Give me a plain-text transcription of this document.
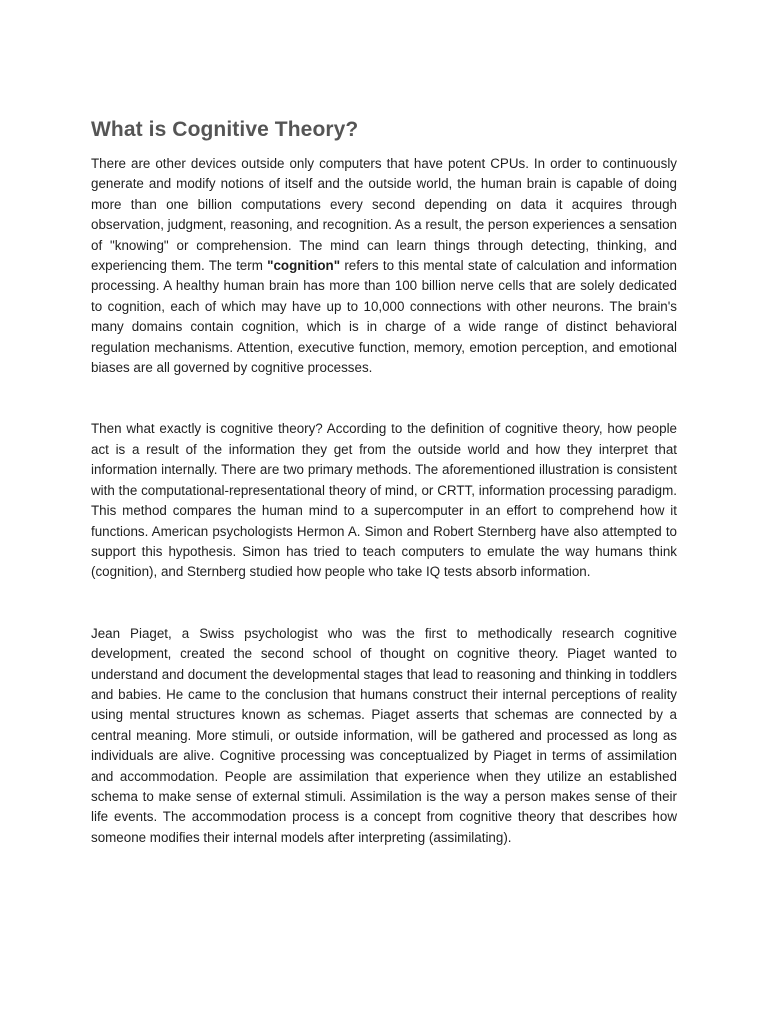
What is Cognitive Theory?

There are other devices outside only computers that have potent CPUs. In order to continuously generate and modify notions of itself and the outside world, the human brain is capable of doing more than one billion computations every second depending on data it acquires through observation, judgment, reasoning, and recognition. As a result, the person experiences a sensation of "knowing" or comprehension. The mind can learn things through detecting, thinking, and experiencing them. The term "cognition" refers to this mental state of calculation and information processing. A healthy human brain has more than 100 billion nerve cells that are solely dedicated to cognition, each of which may have up to 10,000 connections with other neurons. The brain's many domains contain cognition, which is in charge of a wide range of distinct behavioral regulation mechanisms. Attention, executive function, memory, emotion perception, and emotional biases are all governed by cognitive processes.

Then what exactly is cognitive theory? According to the definition of cognitive theory, how people act is a result of the information they get from the outside world and how they interpret that information internally. There are two primary methods. The aforementioned illustration is consistent with the computational-representational theory of mind, or CRTT, information processing paradigm. This method compares the human mind to a supercomputer in an effort to comprehend how it functions. American psychologists Hermon A. Simon and Robert Sternberg have also attempted to support this hypothesis. Simon has tried to teach computers to emulate the way humans think (cognition), and Sternberg studied how people who take IQ tests absorb information.

Jean Piaget, a Swiss psychologist who was the first to methodically research cognitive development, created the second school of thought on cognitive theory. Piaget wanted to understand and document the developmental stages that lead to reasoning and thinking in toddlers and babies. He came to the conclusion that humans construct their internal perceptions of reality using mental structures known as schemas. Piaget asserts that schemas are connected by a central meaning. More stimuli, or outside information, will be gathered and processed as long as individuals are alive. Cognitive processing was conceptualized by Piaget in terms of assimilation and accommodation. People are assimilation that experience when they utilize an established schema to make sense of external stimuli. Assimilation is the way a person makes sense of their life events. The accommodation process is a concept from cognitive theory that describes how someone modifies their internal models after interpreting (assimilating).
